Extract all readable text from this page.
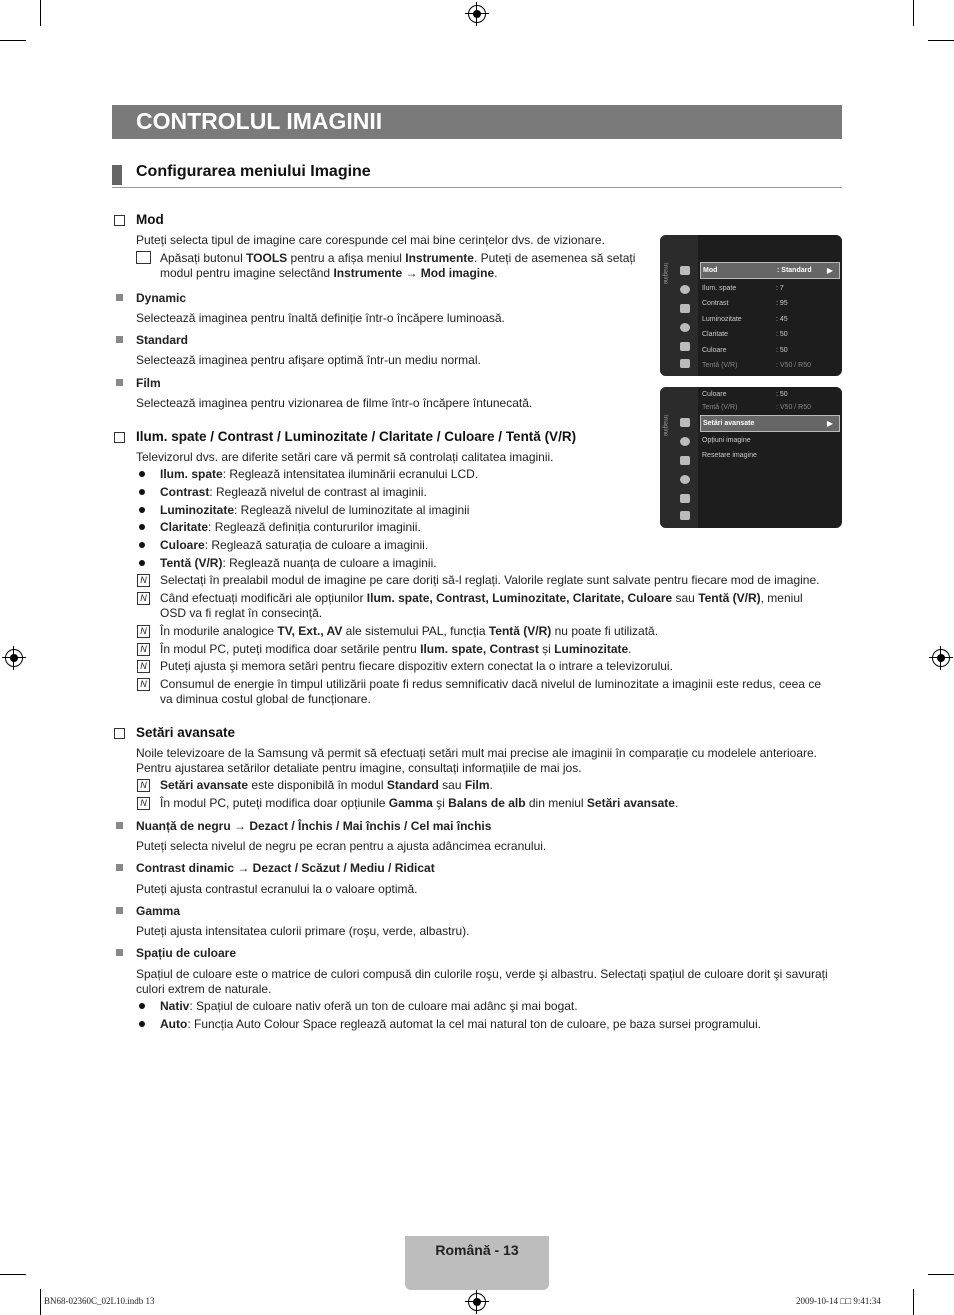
CONTROLUL IMAGINII
Configurarea meniului Imagine
Mod
Puteți selecta tipul de imagine care corespunde cel mai bine cerințelor dvs. de vizionare.
Apăsați butonul TOOLS pentru a afișa meniul Instrumente. Puteți de asemenea să setați
modul pentru imagine selectând Instrumente → Mod imagine.
Dynamic
Selectează imaginea pentru înaltă definiție într-o încăpere luminoasă.
Standard
Selectează imaginea pentru afişare optimă într-un mediu normal.
Film
Selectează imaginea pentru vizionarea de filme într-o încăpere întunecată.
Imagine	Mod	: Standard ▶
Ilum. spate	: 7
Contrast	: 95
Luminozitate	: 45
Claritate	: 50
Culoare	: 50
Tentă (V/R)	: V50 / R50
Imagine
Culoare	: 50
Tentă (V/R)	: V50 / R50
Setări avansate	▶
Opțiuni imagine
Resetare imagine
Ilum. spate / Contrast / Luminozitate / Claritate / Culoare / Tentă (V/R)
Televizorul dvs. are diferite setări care vă permit să controlați calitatea imaginii.
Ilum. spate: Reglează intensitatea iluminării ecranului LCD.
Contrast: Reglează nivelul de contrast al imaginii.
Luminozitate: Reglează nivelul de luminozitate al imaginii
Claritate: Reglează definiția contururilor imaginii.
Culoare: Reglează saturația de culoare a imaginii.
Tentă (V/R): Reglează nuanța de culoare a imaginii.
N Selectați în prealabil modul de imagine pe care doriți să-l reglați. Valorile reglate sunt salvate pentru fiecare mod de imagine.
N Când efectuați modificări ale opțiunilor Ilum. spate, Contrast, Luminozitate, Claritate, Culoare sau Tentă (V/R), meniul
OSD va fi reglat în consecință.
N În modurile analogice TV, Ext., AV ale sistemului PAL, funcția Tentă (V/R) nu poate fi utilizată.
N În modul PC, puteți modifica doar setările pentru Ilum. spate, Contrast și Luminozitate.
N Puteți ajusta şi memora setări pentru fiecare dispozitiv extern conectat la o intrare a televizorului.
N Consumul de energie în timpul utilizării poate fi redus semnificativ dacă nivelul de luminozitate a imaginii este redus, ceea ce
va diminua costul global de funcționare.
Setări avansate
Noile televizoare de la Samsung vă permit să efectuați setări mult mai precise ale imaginii în comparație cu modelele anterioare.
Pentru ajustarea setărilor detaliate pentru imagine, consultați informațiile de mai jos.
N Setări avansate este disponibilă în modul Standard sau Film.
N În modul PC, puteți modifica doar opțiunile Gamma şi Balans de alb din meniul Setări avansate.
Nuanță de negru → Dezact / Închis / Mai închis / Cel mai închis
Puteți selecta nivelul de negru pe ecran pentru a ajusta adâncimea ecranului.
Contrast dinamic → Dezact / Scăzut / Mediu / Ridicat
Puteți ajusta contrastul ecranului la o valoare optimă.
Gamma
Puteți ajusta intensitatea culorii primare (roşu, verde, albastru).
Spațiu de culoare
Spațiul de culoare este o matrice de culori compusă din culorile roşu, verde şi albastru. Selectați spațiul de culoare dorit şi savurați
culori extrem de naturale.
Nativ: Spațiul de culoare nativ oferă un ton de culoare mai adânc şi mai bogat.
Auto: Funcția Auto Colour Space reglează automat la cel mai natural ton de culoare, pe baza sursei programului.
Română - 13
BN68-02360C_02L10.indb 13	2009-10-14 □□ 9:41:34
